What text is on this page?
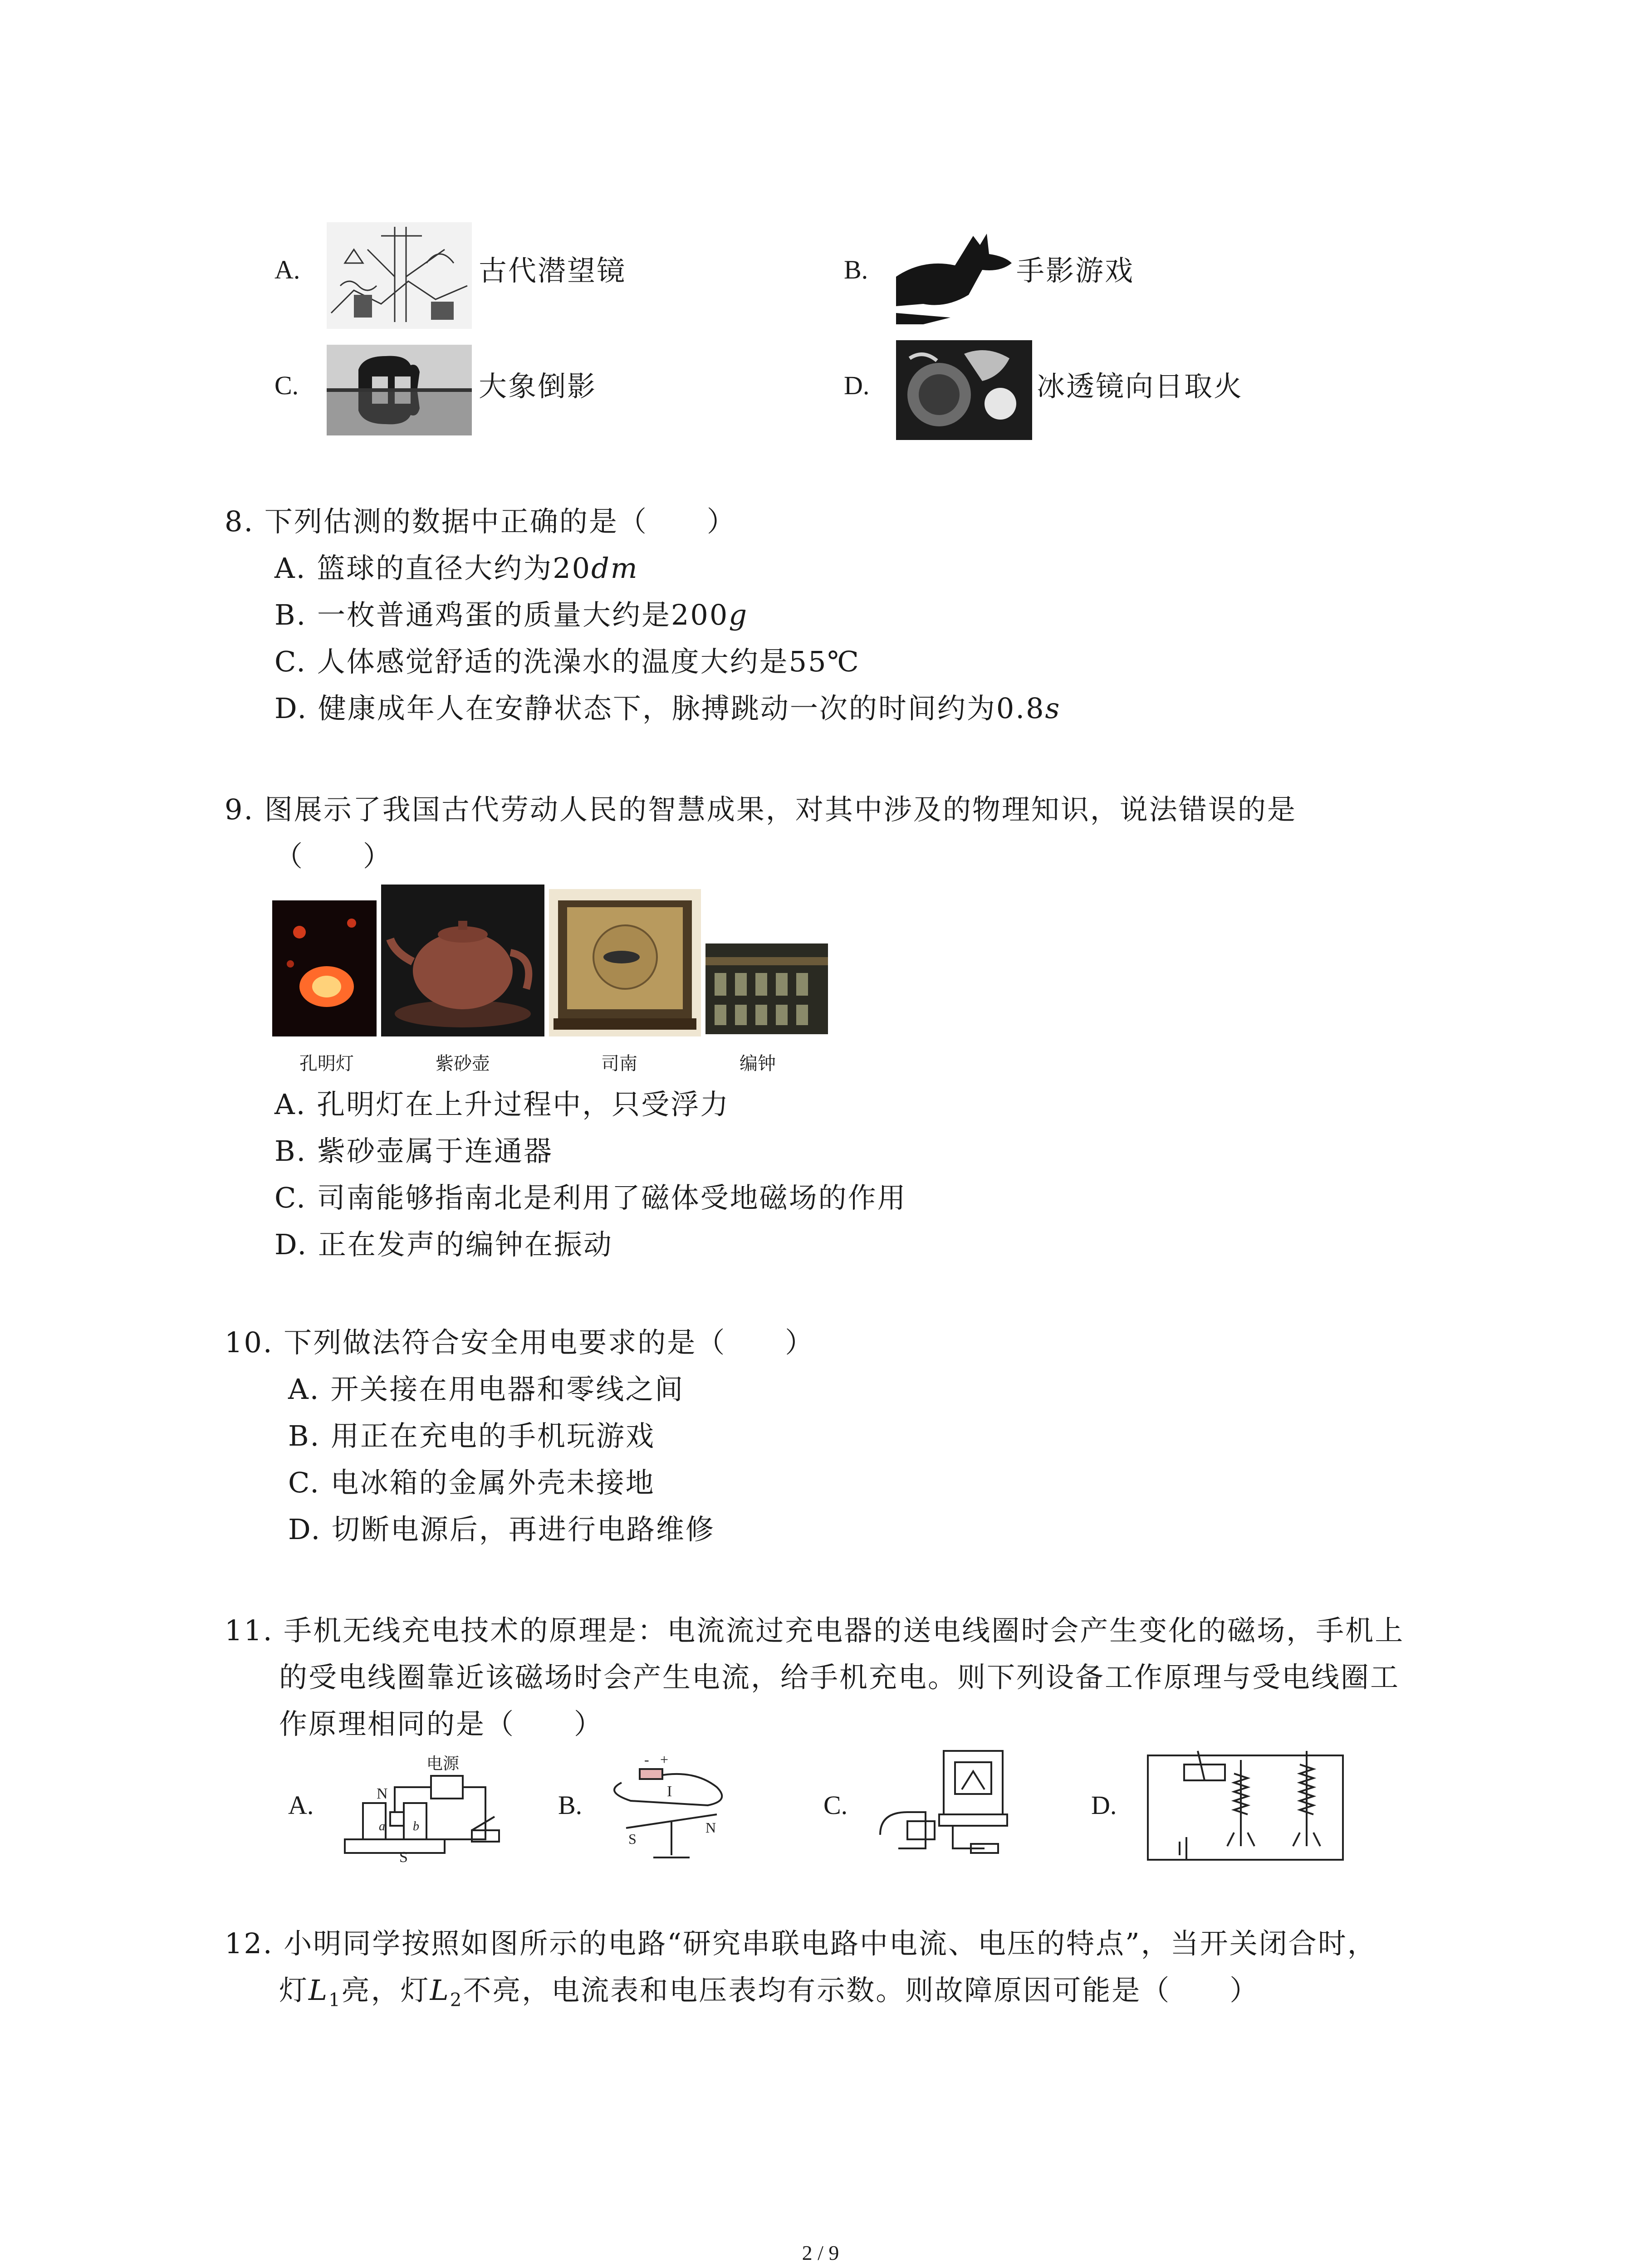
A.	古代潜望镜	B.	手影游戏
C.	大象倒影	D.	冰透镜向日取火
8. 下列估测的数据中正确的是（　　）
A. 篮球的直径大约为20dm
B. 一枚普通鸡蛋的质量大约是200g
C. 人体感觉舒适的洗澡水的温度大约是55℃
D. 健康成年人在安静状态下，脉搏跳动一次的时间约为0.8s
9. 图展示了我国古代劳动人民的智慧成果，对其中涉及的物理知识，说法错误的是
（　　）
孔明灯	紫砂壶	司南	编钟
A. 孔明灯在上升过程中，只受浮力
B. 紫砂壶属于连通器
C. 司南能够指南北是利用了磁体受地磁场的作用
D. 正在发声的编钟在振动
10. 下列做法符合安全用电要求的是（　　）
A. 开关接在用电器和零线之间
B. 用正在充电的手机玩游戏
C. 电冰箱的金属外壳未接地
D. 切断电源后，再进行电路维修
11. 手机无线充电技术的原理是：电流流过充电器的送电线圈时会产生变化的磁场，手机上
的受电线圈靠近该磁场时会产生电流，给手机充电。则下列设备工作原理与受电线圈工
作原理相同的是（　　）
A.	N
S
电源
a b
B.
- +
I
S
N
C.	D.
12. 小明同学按照如图所示的电路“研究串联电路中电流、电压的特点”，当开关闭合时，
灯$L_1$亮，灯$L_2$不亮，电流表和电压表均有示数。则故障原因可能是（　　）
2 / 9
